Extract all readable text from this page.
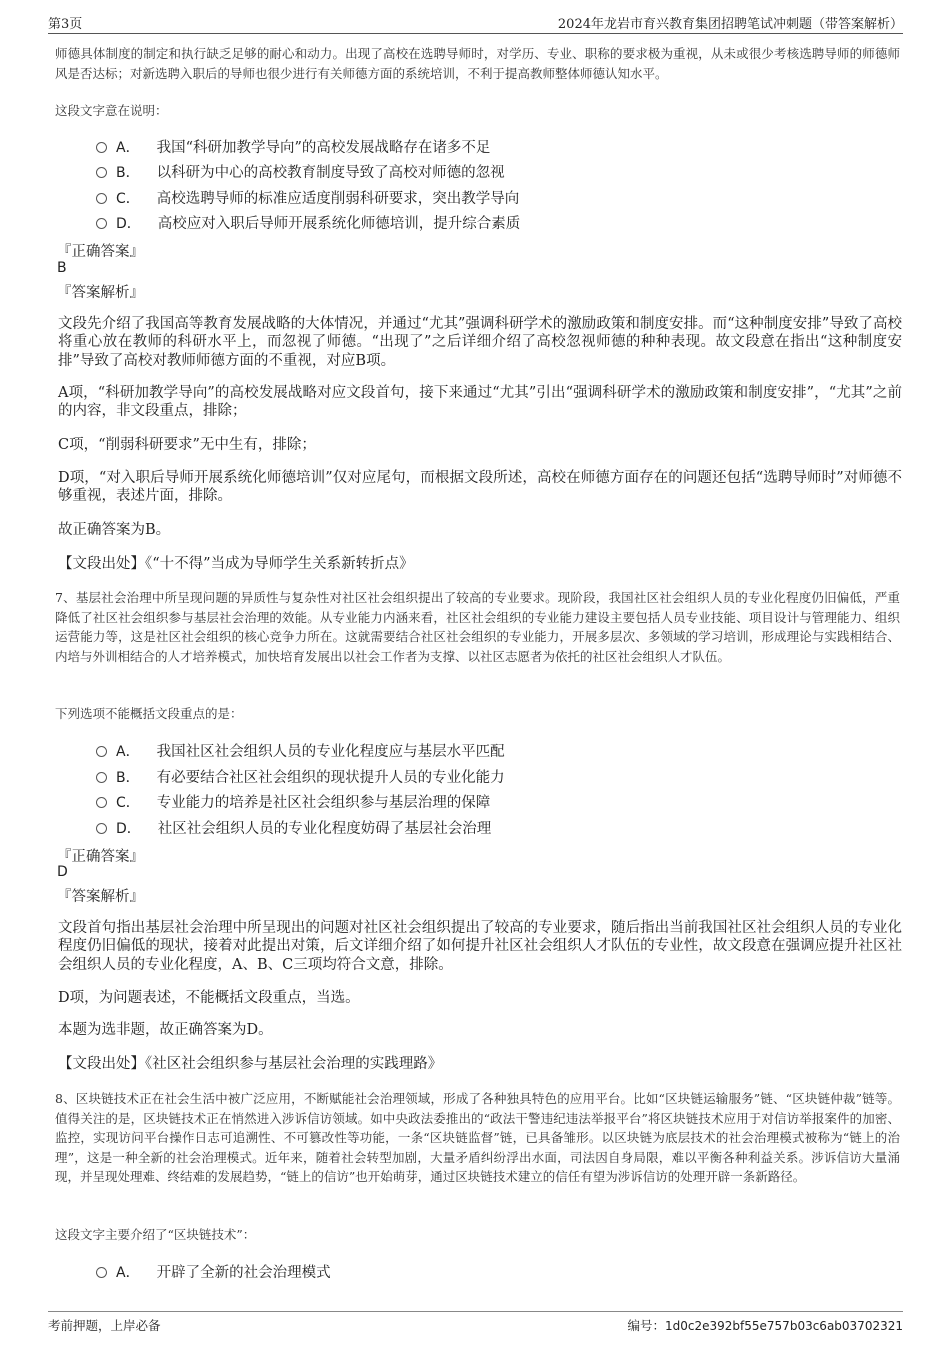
第3页	2024年龙岩市育兴教育集团招聘笔试冲刺题（带答案解析）
师德具体制度的制定和执行缺乏足够的耐心和动力。出现了高校在选聘导师时，对学历、专业、职称的要求极为重视，从未或很少考核选聘导师的师德师风是否达标；对新选聘入职后的导师也很少进行有关师德方面的系统培训，不利于提高教师整体师德认知水平。
这段文字意在说明：
A． 我国“科研加教学导向”的高校发展战略存在诸多不足
B． 以科研为中心的高校教育制度导致了高校对师德的忽视
C． 高校选聘导师的标准应适度削弱科研要求，突出教学导向
D． 高校应对入职后导师开展系统化师德培训，提升综合素质
『正确答案』
B
『答案解析』
文段先介绍了我国高等教育发展战略的大体情况，并通过“尤其”强调科研学术的激励政策和制度安排。而“这种制度安排”导致了高校将重心放在教师的科研水平上，而忽视了师德。“出现了”之后详细介绍了高校忽视师德的种种表现。故文段意在指出“这种制度安排”导致了高校对教师师德方面的不重视，对应B项。
A项，“科研加教学导向”的高校发展战略对应文段首句，接下来通过“尤其”引出“强调科研学术的激励政策和制度安排”，“尤其”之前的内容，非文段重点，排除；
C项，“削弱科研要求”无中生有，排除；
D项，“对入职后导师开展系统化师德培训”仅对应尾句，而根据文段所述，高校在师德方面存在的问题还包括“选聘导师时”对师德不够重视，表述片面，排除。
故正确答案为B。
【文段出处】《“十不得”当成为导师学生关系新转折点》
7、基层社会治理中所呈现问题的异质性与复杂性对社区社会组织提出了较高的专业要求。现阶段，我国社区社会组织人员的专业化程度仍旧偏低，严重降低了社区社会组织参与基层社会治理的效能。从专业能力内涵来看，社区社会组织的专业能力建设主要包括人员专业技能、项目设计与管理能力、组织运营能力等，这是社区社会组织的核心竞争力所在。这就需要结合社区社会组织的专业能力，开展多层次、多领域的学习培训，形成理论与实践相结合、内培与外训相结合的人才培养模式，加快培育发展出以社会工作者为支撑、以社区志愿者为依托的社区社会组织人才队伍。
下列选项不能概括文段重点的是：
A． 我国社区社会组织人员的专业化程度应与基层水平匹配
B． 有必要结合社区社会组织的现状提升人员的专业化能力
C． 专业能力的培养是社区社会组织参与基层治理的保障
D． 社区社会组织人员的专业化程度妨碍了基层社会治理
『正确答案』
D
『答案解析』
文段首句指出基层社会治理中所呈现出的问题对社区社会组织提出了较高的专业要求，随后指出当前我国社区社会组织人员的专业化程度仍旧偏低的现状，接着对此提出对策，后文详细介绍了如何提升社区社会组织人才队伍的专业性，故文段意在强调应提升社区社会组织人员的专业化程度，A、B、C三项均符合文意，排除。
D项，为问题表述，不能概括文段重点，当选。
本题为选非题，故正确答案为D。
【文段出处】《社区社会组织参与基层社会治理的实践理路》
8、区块链技术正在社会生活中被广泛应用，不断赋能社会治理领域，形成了各种独具特色的应用平台。比如“区块链运输服务”链、“区块链仲裁”链等。值得关注的是，区块链技术正在悄然进入涉诉信访领域。如中央政法委推出的“政法干警违纪违法举报平台”将区块链技术应用于对信访举报案件的加密、监控，实现访问平台操作日志可追溯性、不可篡改性等功能，一条“区块链监督”链，已具备雏形。以区块链为底层技术的社会治理模式被称为“链上的治理”，这是一种全新的社会治理模式。近年来，随着社会转型加剧，大量矛盾纠纷浮出水面，司法因自身局限，难以平衡各种利益关系。涉诉信访大量涌现，并呈现处理难、终结难的发展趋势，“链上的信访”也开始萌芽，通过区块链技术建立的信任有望为涉诉信访的处理开辟一条新路径。
这段文字主要介绍了“区块链技术”：
A． 开辟了全新的社会治理模式
考前押题，上岸必备	编号：1d0c2e392bf55e757b03c6ab03702321
